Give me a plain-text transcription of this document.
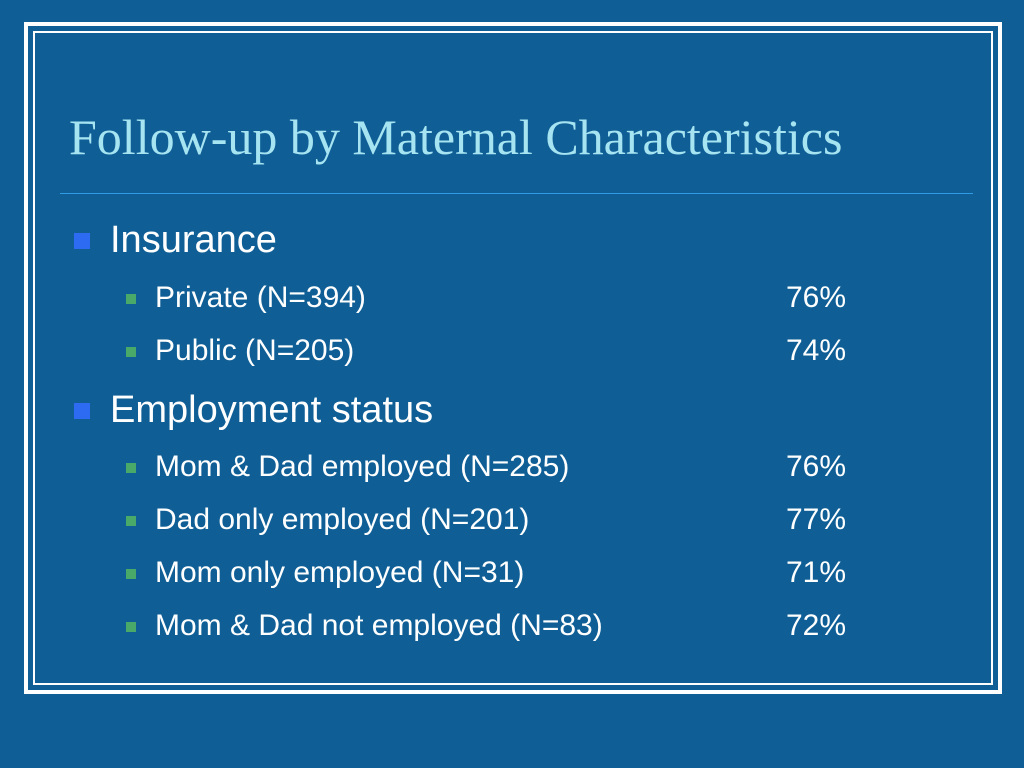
Follow-up by Maternal Characteristics
Insurance
Private (N=394)	76%
Public (N=205)	74%
Employment status
Mom & Dad employed (N=285)	76%
Dad only employed (N=201)	77%
Mom only employed (N=31)	71%
Mom & Dad not employed (N=83)	72%
